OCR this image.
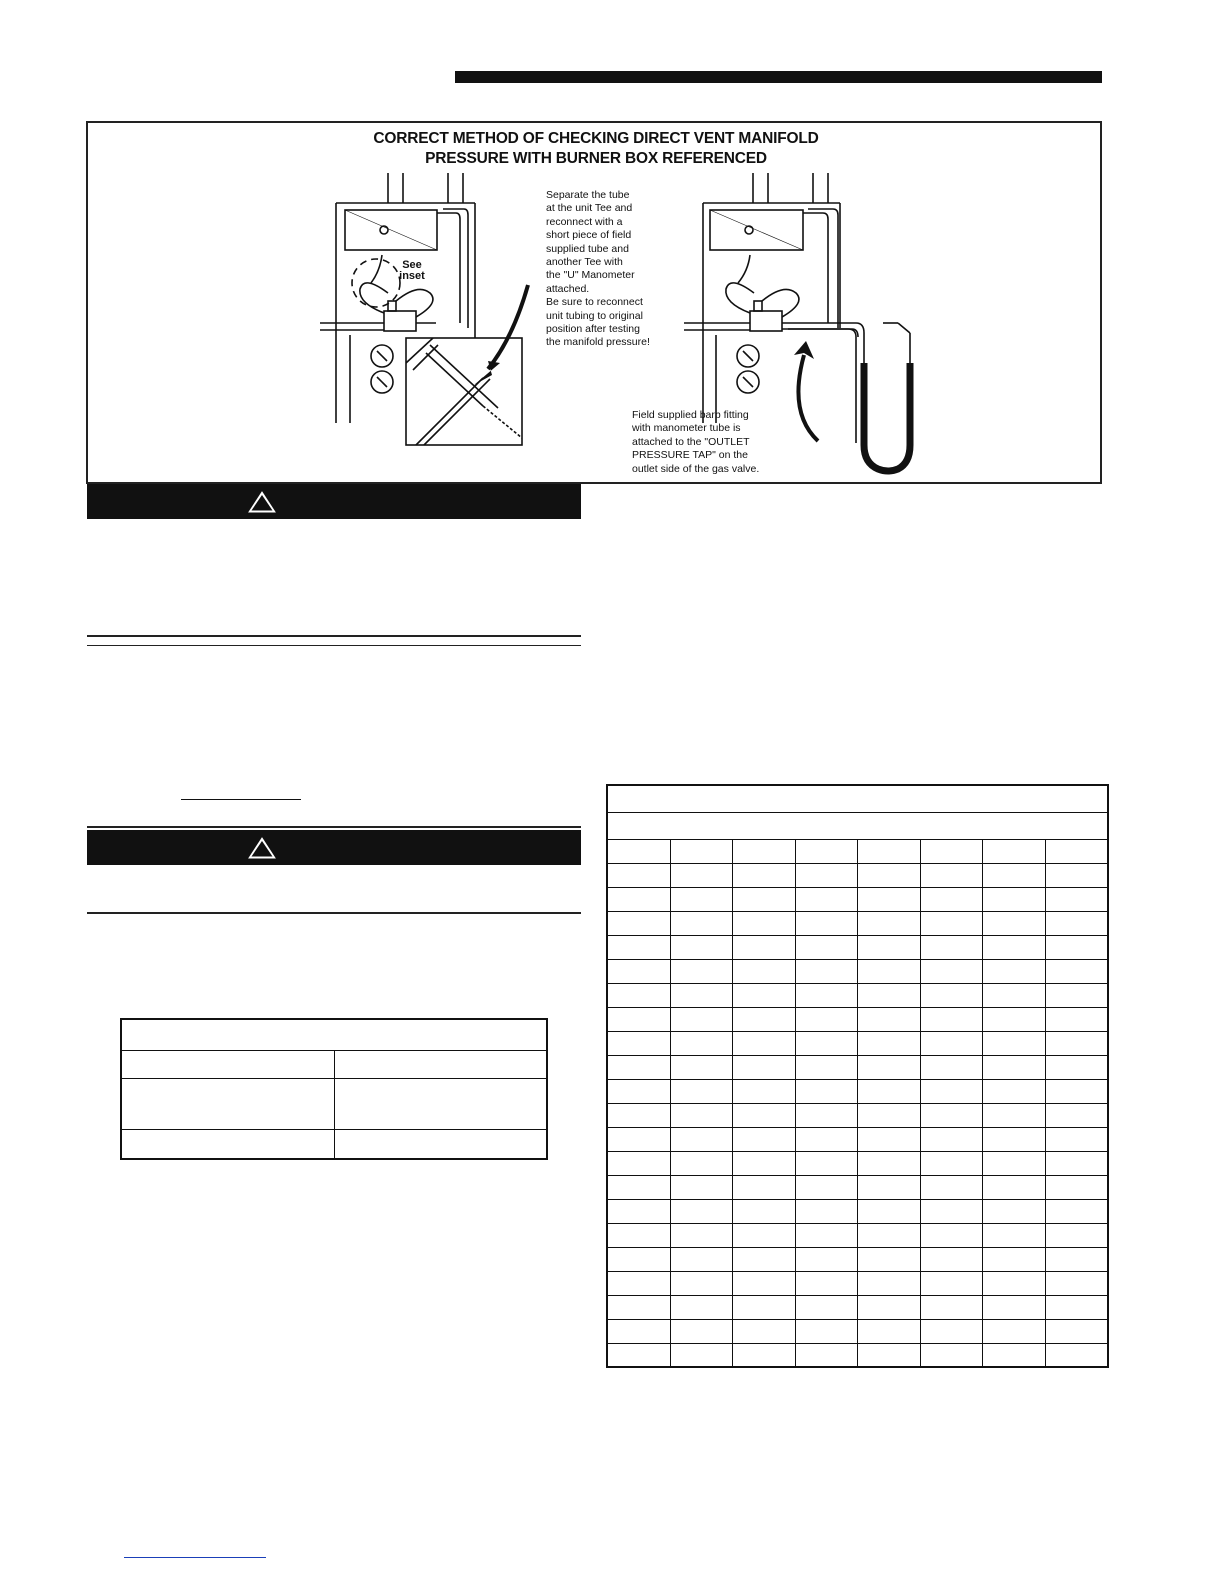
CORRECT METHOD OF CHECKING DIRECT VENT MANIFOLD
PRESSURE WITH BURNER BOX REFERENCED
See inset
Separate the tube
at the unit Tee and
reconnect with a
short piece of field
supplied tube and
another Tee with
the "U" Manometer
attached.
Be sure to reconnect
unit tubing to original
position after testing
the manifold pressure!
Field supplied barb fitting
with manometer tube is
attached to the "OUTLET
PRESSURE TAP" on the
outlet side of the gas valve.
